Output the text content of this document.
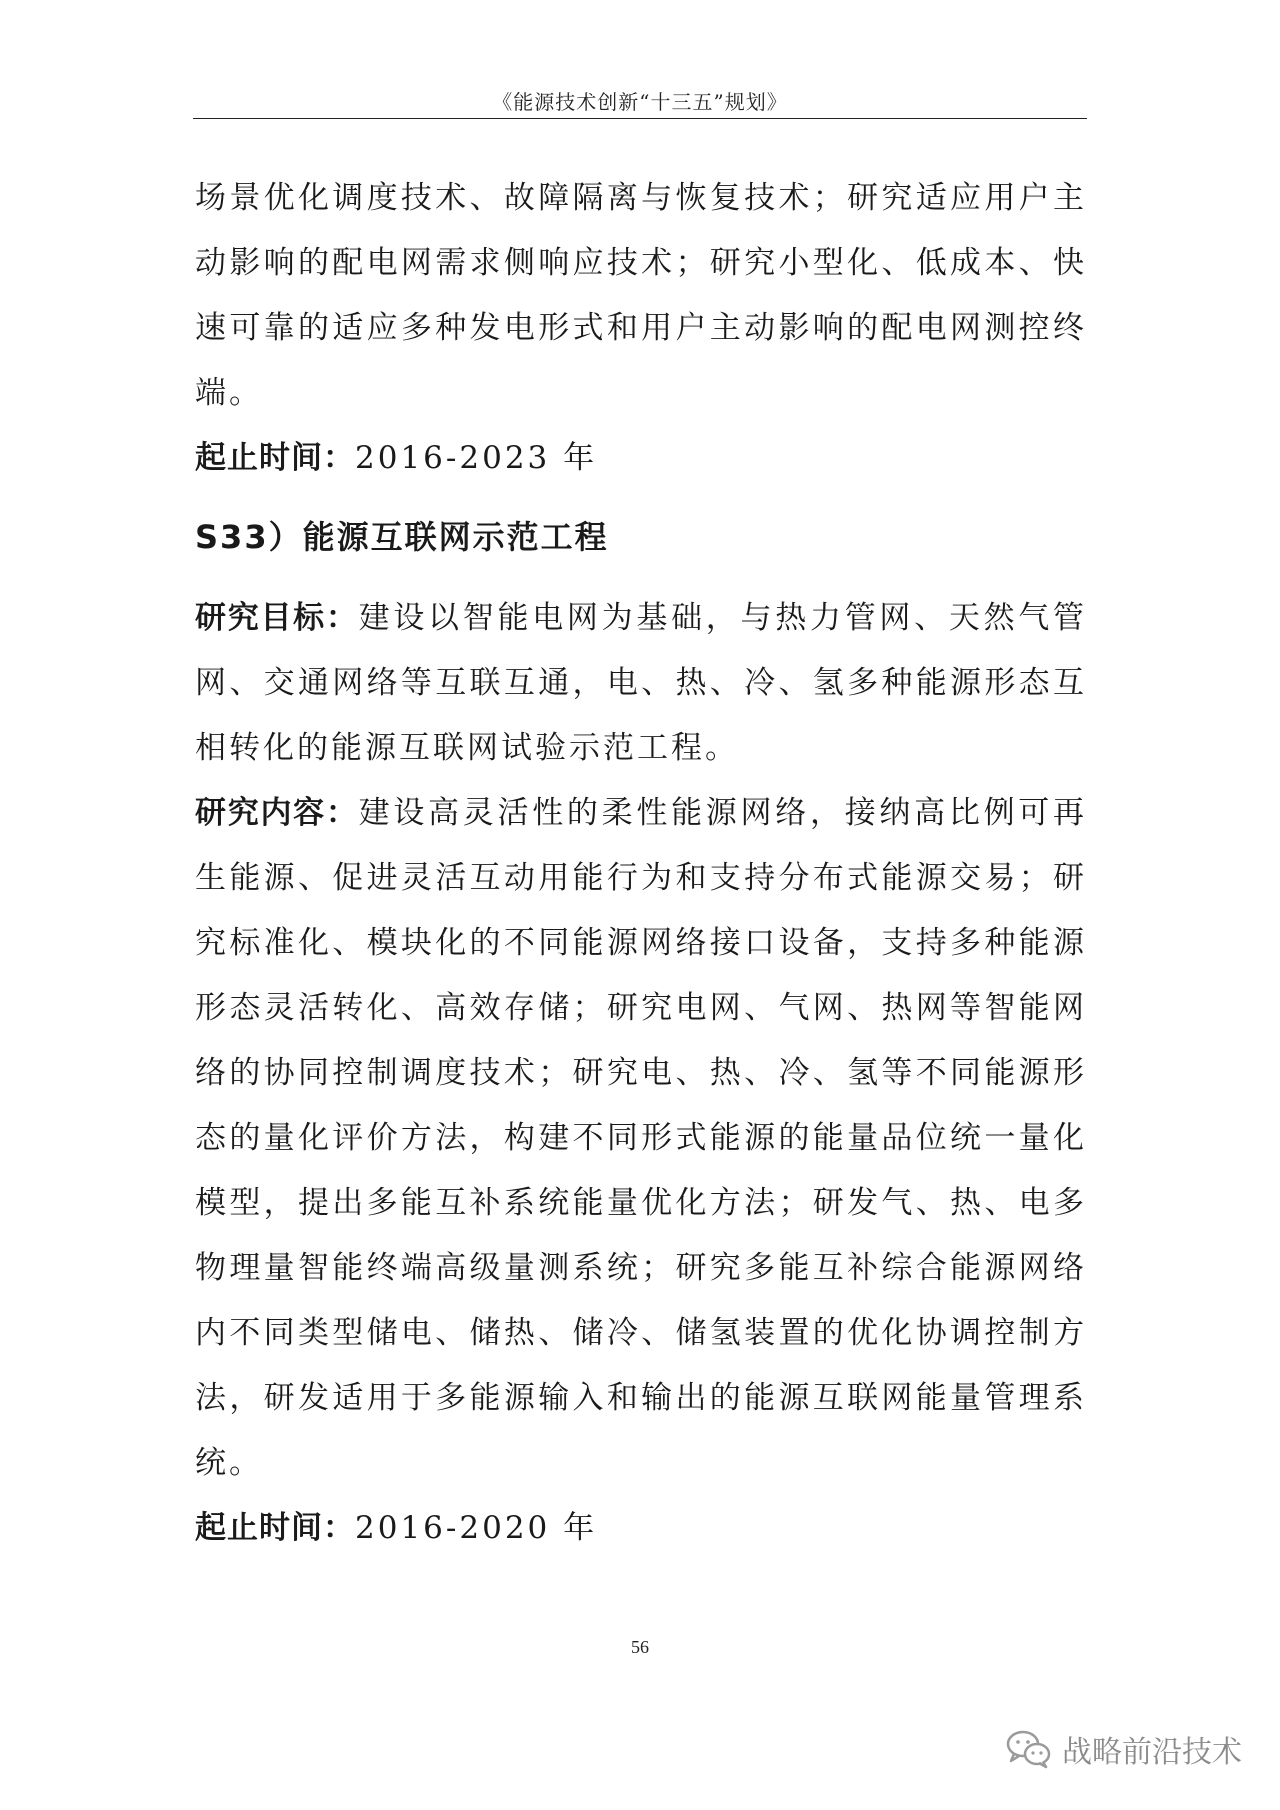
《能源技术创新“十三五”规划》

场景优化调度技术、故障隔离与恢复技术；研究适应用户主动影响的配电网需求侧响应技术；研究小型化、低成本、快速可靠的适应多种发电形式和用户主动影响的配电网测控终端。

起止时间：2016-2023 年

S33）能源互联网示范工程

研究目标：建设以智能电网为基础，与热力管网、天然气管网、交通网络等互联互通，电、热、冷、氢多种能源形态互相转化的能源互联网试验示范工程。

研究内容：建设高灵活性的柔性能源网络，接纳高比例可再生能源、促进灵活互动用能行为和支持分布式能源交易；研究标准化、模块化的不同能源网络接口设备，支持多种能源形态灵活转化、高效存储；研究电网、气网、热网等智能网络的协同控制调度技术；研究电、热、冷、氢等不同能源形态的量化评价方法，构建不同形式能源的能量品位统一量化模型，提出多能互补系统能量优化方法；研发气、热、电多物理量智能终端高级量测系统；研究多能互补综合能源网络内不同类型储电、储热、储冷、储氢装置的优化协调控制方法，研发适用于多能源输入和输出的能源互联网能量管理系统。

起止时间：2016-2020 年

56
战略前沿技术
